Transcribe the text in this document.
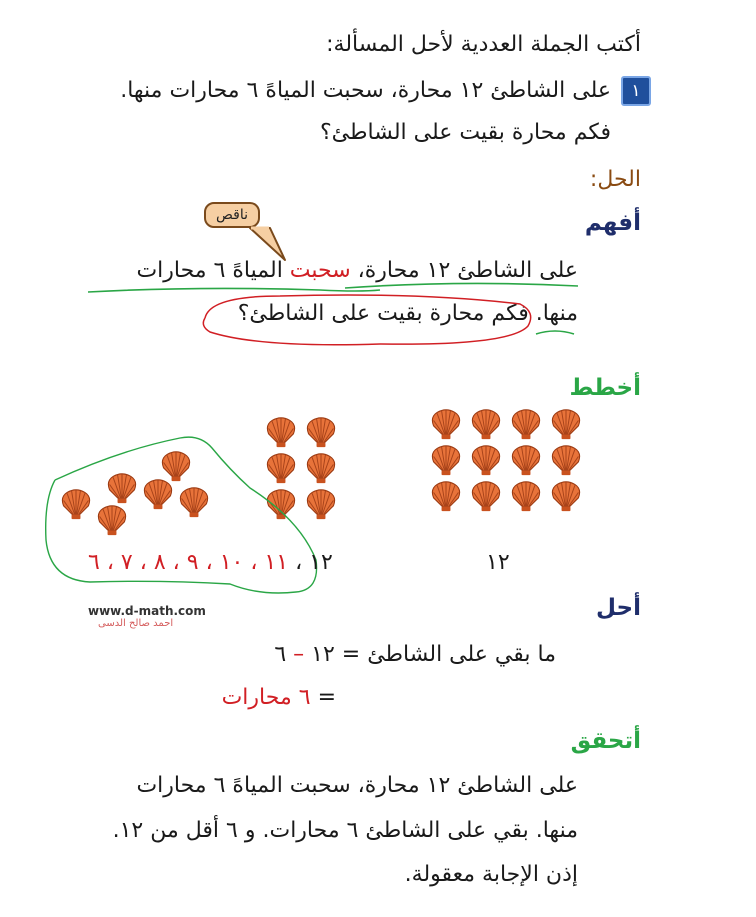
أكتب الجملة العددية لأحل المسألة:
١
على الشاطئ ١٢ محارة، سحبت المياهً ٦ محارات منها.
فكم محارة بقيت على الشاطئ؟
الحل:
أفهم
ناقص
على الشاطئ ١٢ محارة، سحبت المياهً ٦ محارات
منها. فكم محارة بقيت على الشاطئ؟
أخطط
١٢ ، ١١ ، ١٠ ، ٩ ، ٨ ، ٧ ، ٦	١٢
www.d-math.com
احمد صالح الدسى
أحل
ما بقي على الشاطئ = ١٢ – ٦
= ٦ محارات
أتحقق
على الشاطئ ١٢ محارة، سحبت المياهً ٦ محارات
منها. بقي على الشاطئ ٦ محارات. و ٦ أقل من ١٢.
إذن الإجابة معقولة.
